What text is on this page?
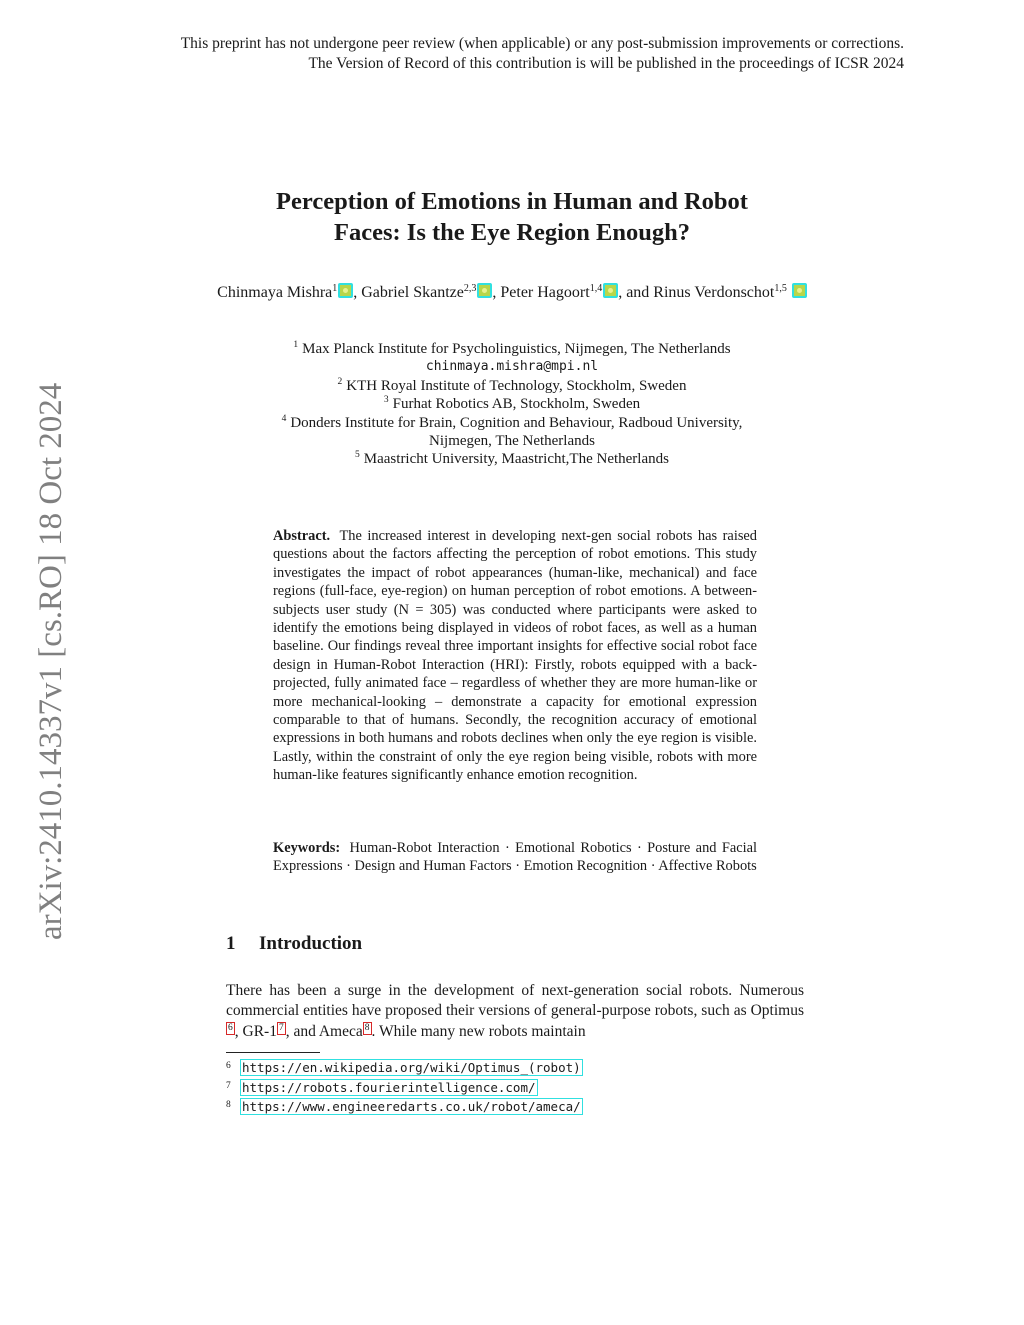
This preprint has not undergone peer review (when applicable) or any post-submission improvements or corrections.
The Version of Record of this contribution is will be published in the proceedings of ICSR 2024
arXiv:2410.14337v1 [cs.RO] 18 Oct 2024
Perception of Emotions in Human and Robot
Faces: Is the Eye Region Enough?
Chinmaya Mishra$^1$ , Gabriel Skantze$^{2,3}$ , Peter Hagoort$^{1,4}$ , and Rinus Verdonschot$^{1,5}$
$^1$ Max Planck Institute for Psycholinguistics, Nijmegen, The Netherlands
chinmaya.mishra@mpi.nl
$^2$ KTH Royal Institute of Technology, Stockholm, Sweden
$^3$ Furhat Robotics AB, Stockholm, Sweden
$^4$ Donders Institute for Brain, Cognition and Behaviour, Radboud University,
Nijmegen, The Netherlands
$^5$ Maastricht University, Maastricht,The Netherlands
Abstract. The increased interest in developing next-gen social robots has raised questions about the factors affecting the perception of robot emotions. This study investigates the impact of robot appearances (human-like, mechanical) and face regions (full-face, eye-region) on human perception of robot emotions. A between-subjects user study (N = 305) was conducted where participants were asked to identify the emotions being displayed in videos of robot faces, as well as a human baseline. Our findings reveal three important insights for effective social robot face design in Human-Robot Interaction (HRI): Firstly, robots equipped with a back-projected, fully animated face – regardless of whether they are more human-like or more mechanical-looking – demonstrate a capacity for emotional expression comparable to that of humans. Secondly, the recognition accuracy of emotional expressions in both humans and robots declines when only the eye region is visible. Lastly, within the constraint of only the eye region being visible, robots with more human-like features significantly enhance emotion recognition.
Keywords: Human-Robot Interaction · Emotional Robotics · Posture and Facial Expressions · Design and Human Factors · Emotion Recognition · Affective Robots
1 Introduction
There has been a surge in the development of next-generation social robots. Numerous commercial entities have proposed their versions of general-purpose robots, such as Optimus6 , GR-1 7 , and Ameca 8 . While many new robots maintain
$^6$ https://en.wikipedia.org/wiki/Optimus_(robot)
$^7$ https://robots.fourierintelligence.com/
$^8$ https://www.engineeredarts.co.uk/robot/ameca/
